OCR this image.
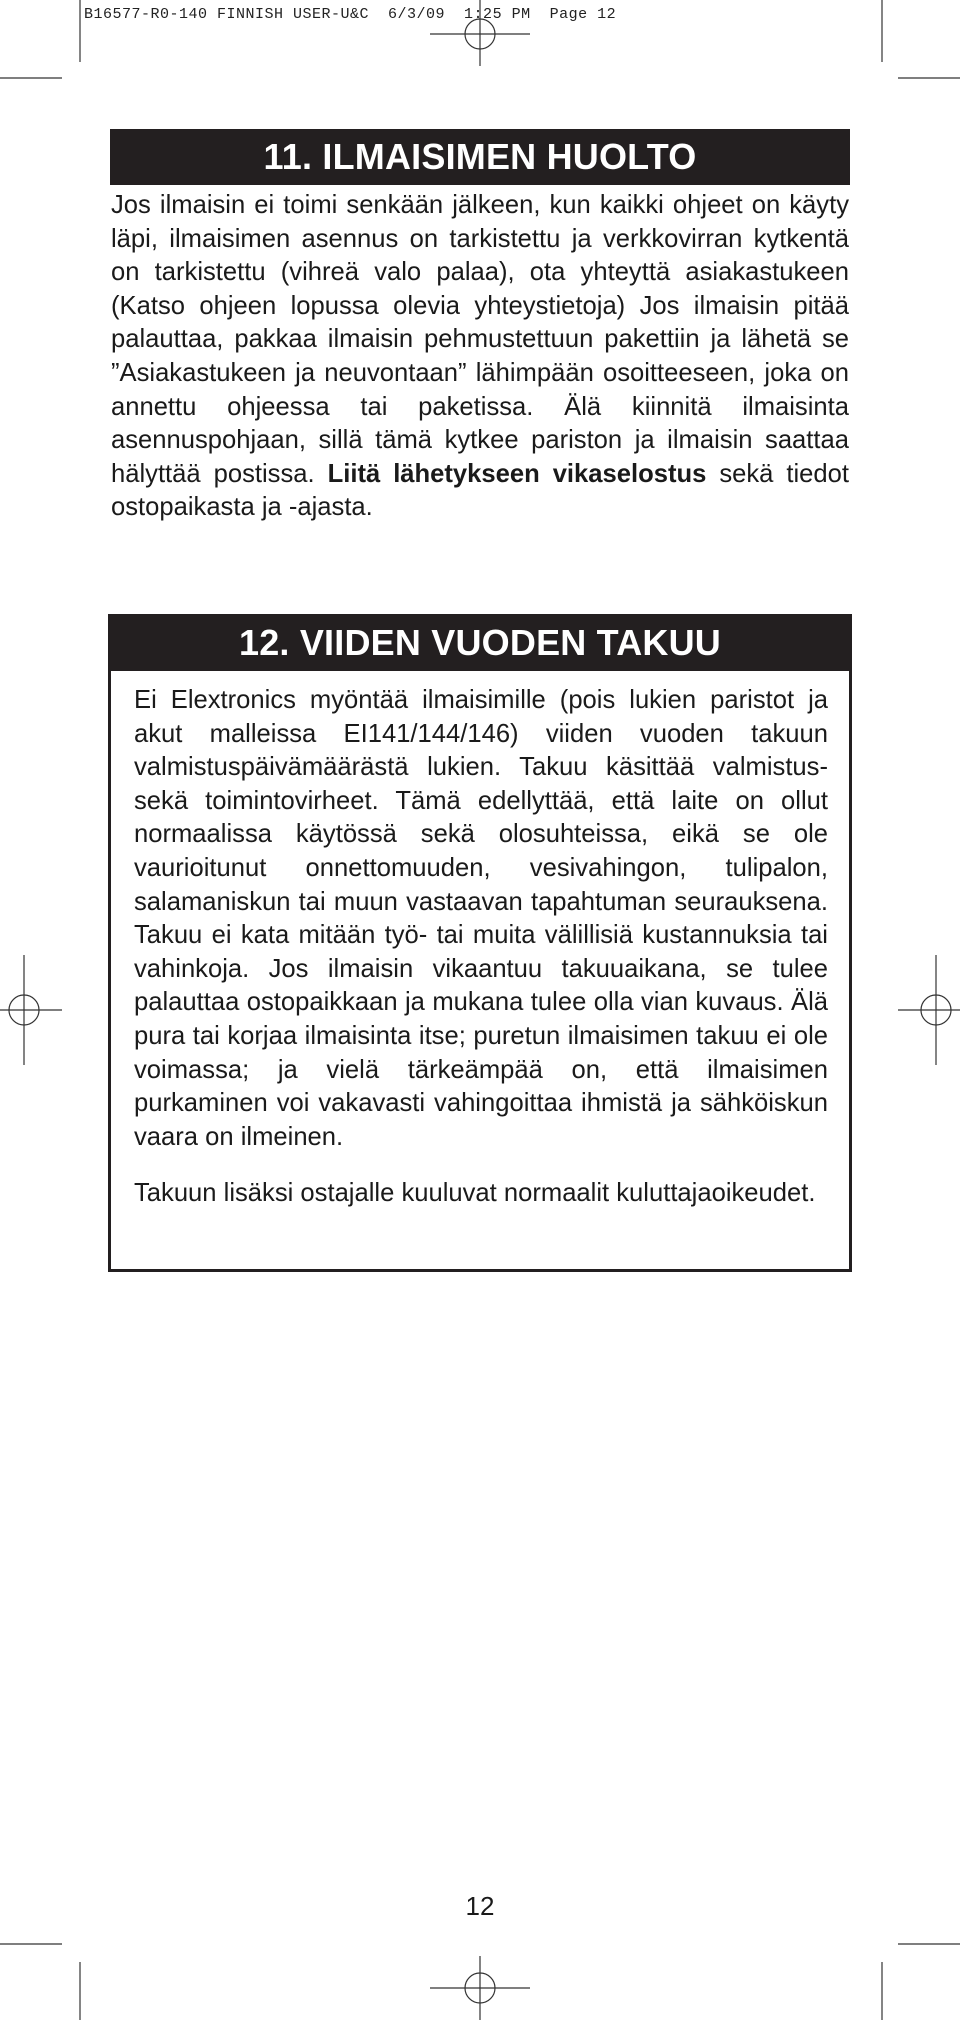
B16577-R0-140 FINNISH USER-U&C  6/3/09  1:25 PM  Page 12
11. ILMAISIMEN HUOLTO

Jos ilmaisin ei toimi senkään jälkeen, kun kaikki ohjeet on käyty läpi, ilmaisimen asennus on tarkistettu ja verkkovirran kytkentä on tarkistettu (vihreä valo palaa), ota yhteyttä asiakastukeen (Katso ohjeen lopussa olevia yhteystietoja) Jos ilmaisin pitää palauttaa, pakkaa ilmaisin pehmustettuun pakettiin ja lähetä se ”Asiakastukeen ja neuvontaan” lähimpään osoitteeseen, joka on annettu ohjeessa tai paketissa. Älä kiinnitä ilmaisinta asennuspohjaan, sillä tämä kytkee pariston ja ilmaisin saattaa hälyttää postissa. Liitä lähetykseen vikaselostus sekä tiedot ostopaikasta ja -ajasta.

12. VIIDEN VUODEN TAKUU

Ei Elextronics myöntää ilmaisimille (pois lukien paristot ja akut malleissa EI141/144/146) viiden vuoden takuun valmistuspäivämäärästä lukien. Takuu käsittää valmistus- sekä toimintovirheet. Tämä edellyttää, että laite on ollut normaalissa käytössä sekä olosuhteissa, eikä se ole vaurioitunut onnettomuuden, vesivahingon, tulipalon, salamaniskun tai muun vastaavan tapahtuman seurauksena. Takuu ei kata mitään työ- tai muita välillisiä kustannuksia tai vahinkoja. Jos ilmaisin vikaantuu takuuaikana, se tulee palauttaa ostopaikkaan ja mukana tulee olla vian kuvaus. Älä pura tai korjaa ilmaisinta itse; puretun ilmaisimen takuu ei ole voimassa; ja vielä tärkeämpää on, että ilmaisimen purkaminen voi vakavasti vahingoittaa ihmistä ja sähköiskun vaara on ilmeinen.

Takuun lisäksi ostajalle kuuluvat normaalit kuluttajaoikeudet.

12
